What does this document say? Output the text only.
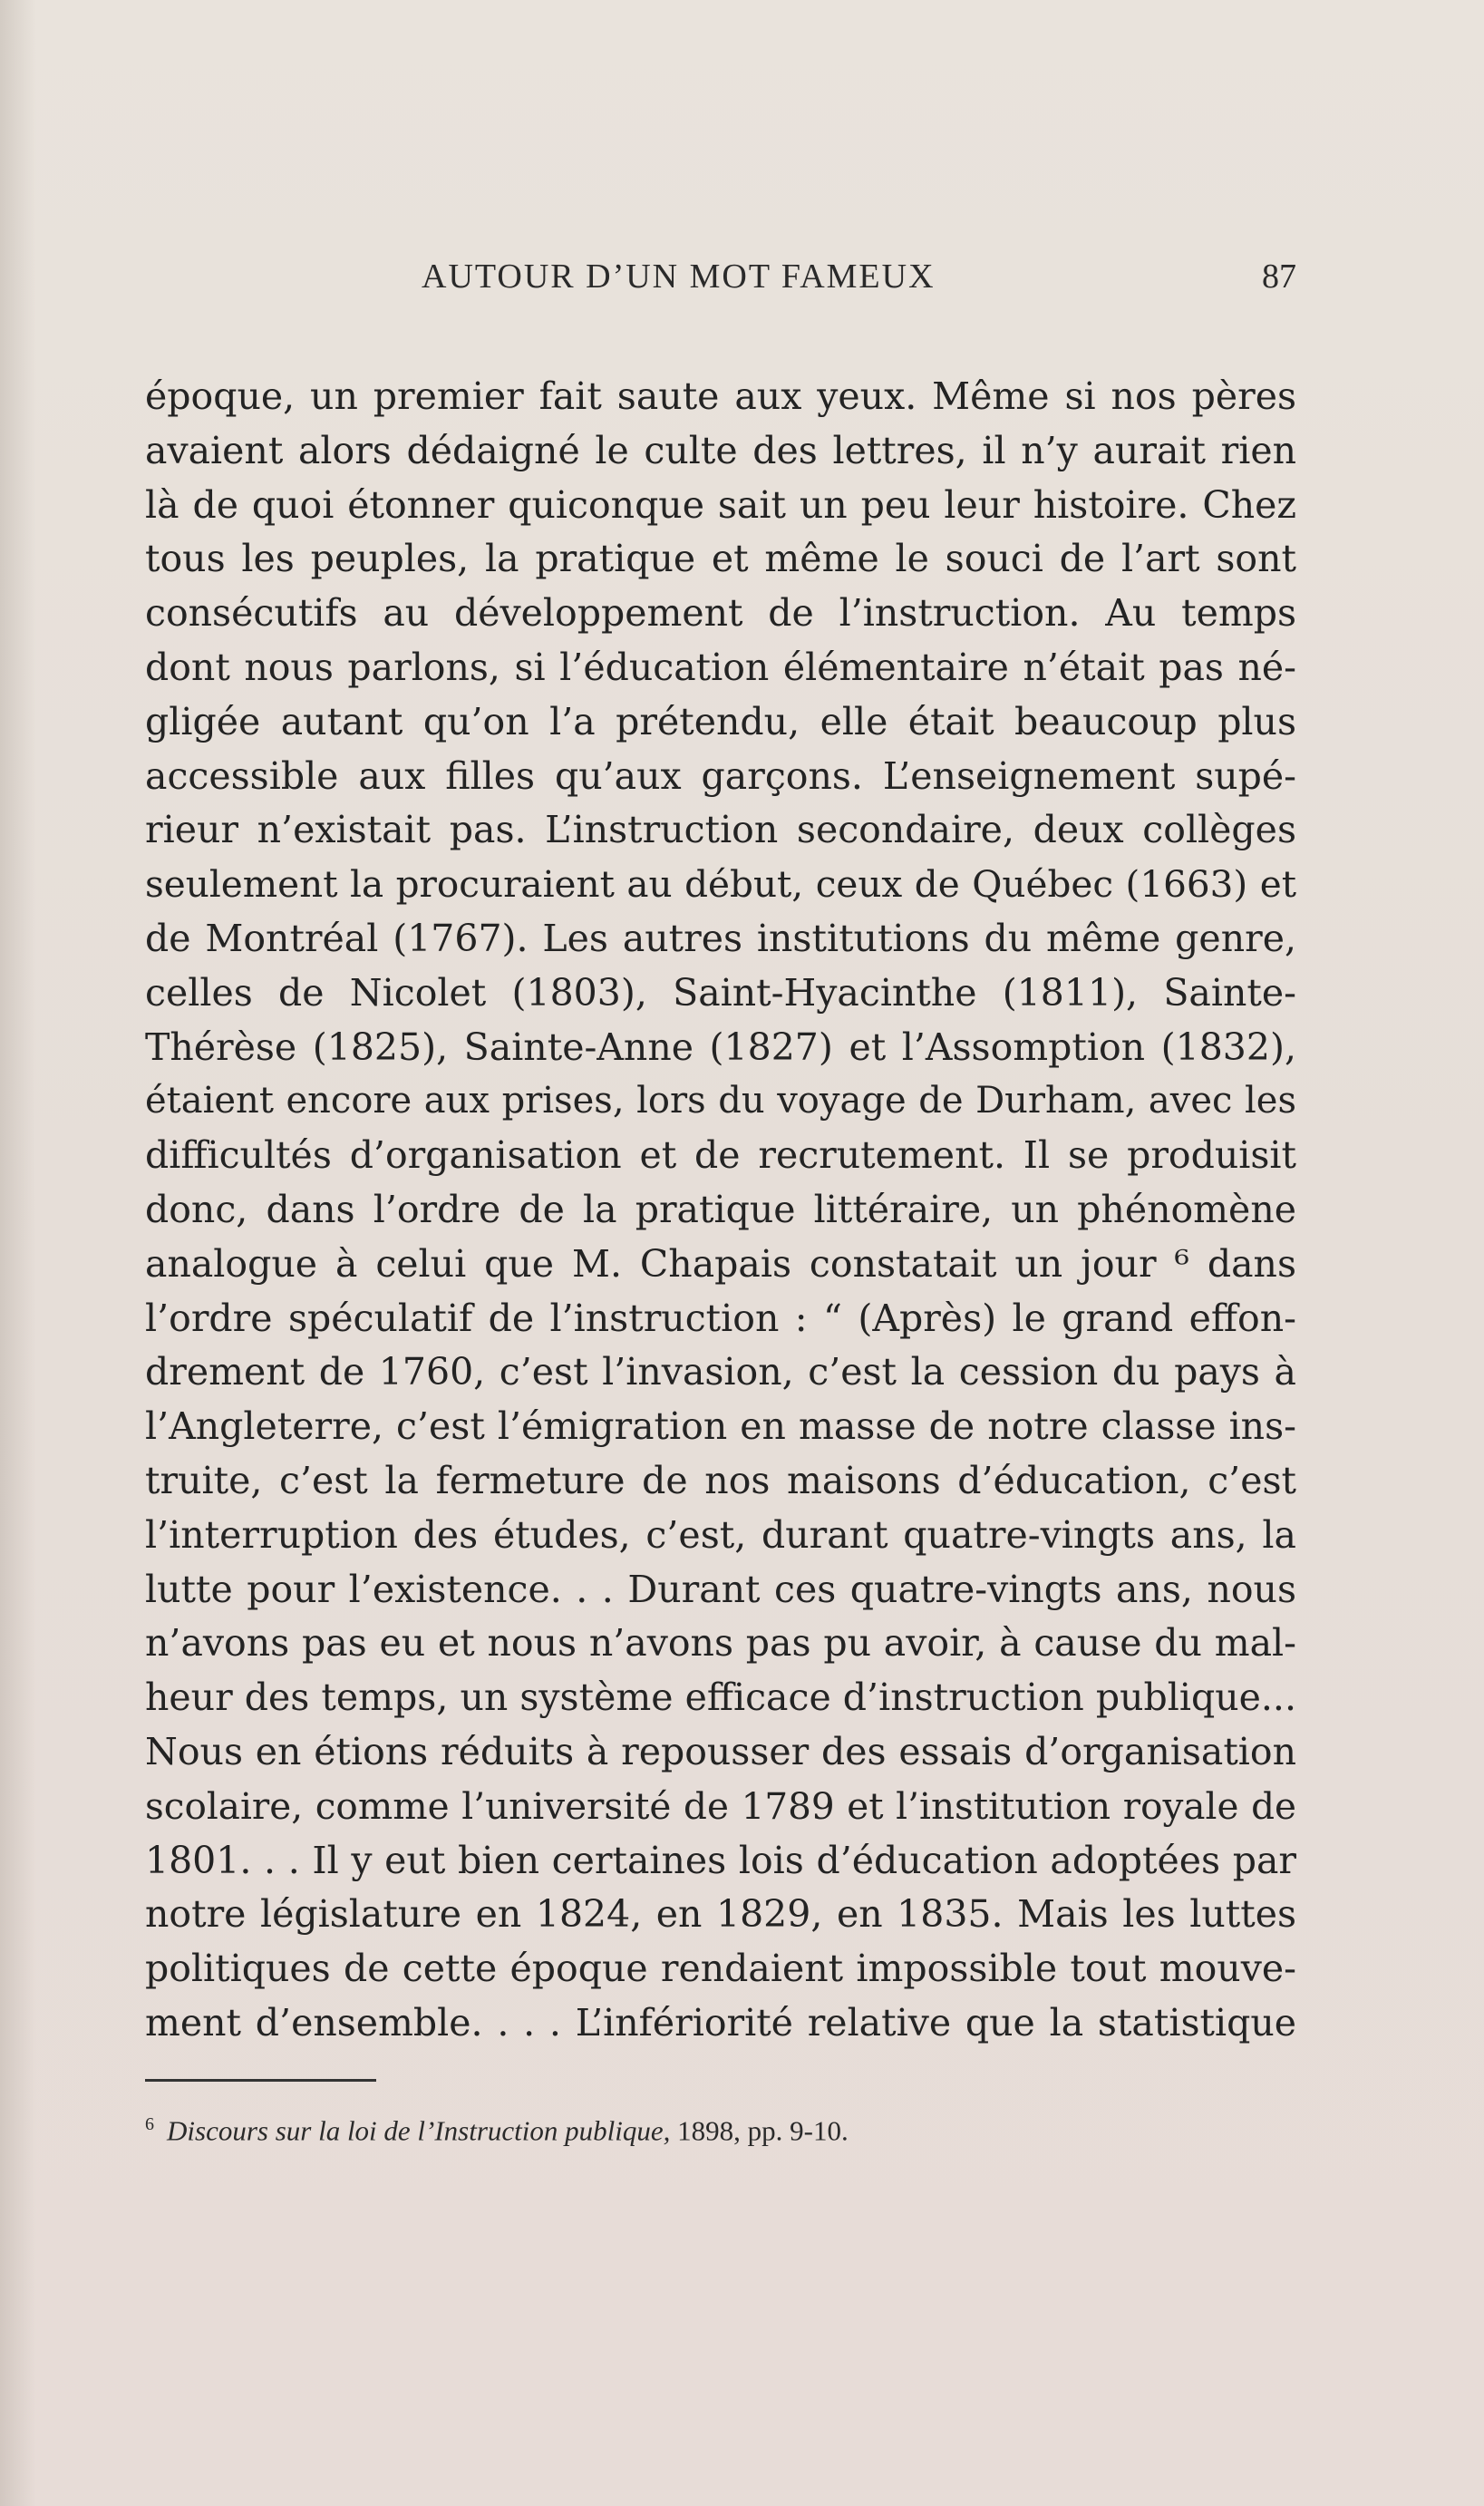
AUTOUR D’UN MOT FAMEUX	87
époque, un premier fait saute aux yeux. Même si nos pères
avaient alors dédaigné le culte des lettres, il n’y aurait rien
là de quoi étonner quiconque sait un peu leur histoire. Chez
tous les peuples, la pratique et même le souci de l’art sont
consécutifs au développement de l’instruction. Au temps
dont nous parlons, si l’éducation élémentaire n’était pas né-
gligée autant qu’on l’a prétendu, elle était beaucoup plus
accessible aux filles qu’aux garçons. L’enseignement supé-
rieur n’existait pas. L’instruction secondaire, deux collèges
seulement la procuraient au début, ceux de Québec (1663) et
de Montréal (1767). Les autres institutions du même genre,
celles de Nicolet (1803), Saint-Hyacinthe (1811), Sainte-
Thérèse (1825), Sainte-Anne (1827) et l’Assomption (1832),
étaient encore aux prises, lors du voyage de Durham, avec les
difficultés d’organisation et de recrutement. Il se produisit
donc, dans l’ordre de la pratique littéraire, un phénomène
analogue à celui que M. Chapais constatait un jour ⁶ dans
l’ordre spéculatif de l’instruction : “ (Après) le grand effon-
drement de 1760, c’est l’invasion, c’est la cession du pays à
l’Angleterre, c’est l’émigration en masse de notre classe ins-
truite, c’est la fermeture de nos maisons d’éducation, c’est
l’interruption des études, c’est, durant quatre-vingts ans, la
lutte pour l’existence. . . Durant ces quatre-vingts ans, nous
n’avons pas eu et nous n’avons pas pu avoir, à cause du mal-
heur des temps, un système efficace d’instruction publique...
Nous en étions réduits à repousser des essais d’organisation
scolaire, comme l’université de 1789 et l’institution royale de
1801. . . Il y eut bien certaines lois d’éducation adoptées par
notre législature en 1824, en 1829, en 1835. Mais les luttes
politiques de cette époque rendaient impossible tout mouve-
ment d’ensemble. . . . L’infériorité relative que la statistique
$^6$ Discours sur la loi de l’Instruction publique, 1898, pp. 9-10.
